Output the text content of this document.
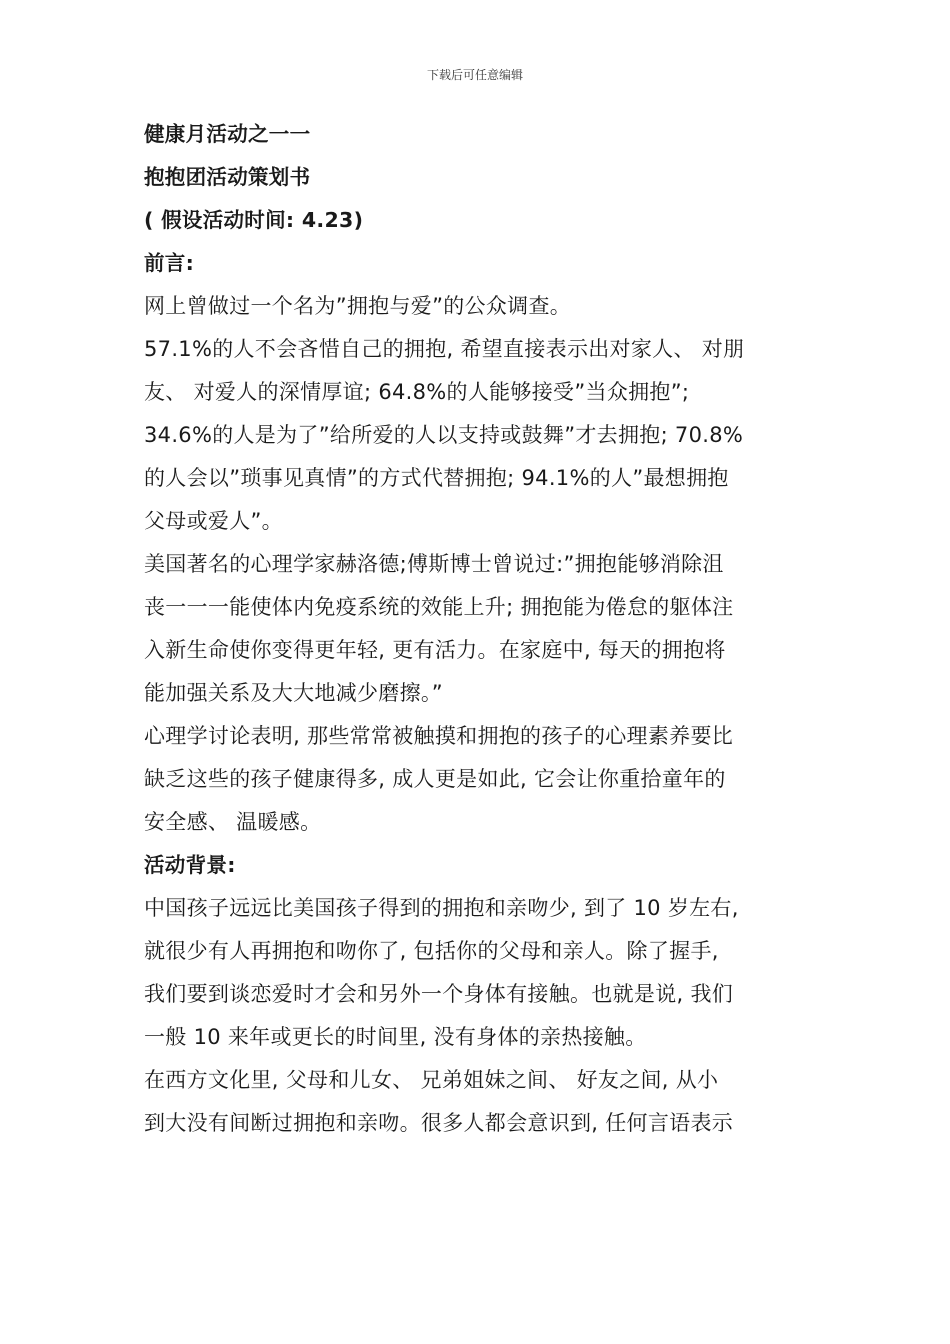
下载后可任意编辑
健康月活动之一一
抱抱团活动策划书
( 假设活动时间: 4.23)
前言:
网上曾做过一个名为”拥抱与爱”的公众调查。
57.1%的人不会吝惜自己的拥抱, 希望直接表示出对家人、 对朋
友、 对爱人的深情厚谊; 64.8%的人能够接受”当众拥抱”;
34.6%的人是为了”给所爱的人以支持或鼓舞”才去拥抱; 70.8%
的人会以”琐事见真情”的方式代替拥抱; 94.1%的人”最想拥抱
父母或爱人”。
美国著名的心理学家赫洛德;傅斯博士曾说过:”拥抱能够消除沮
丧一一一能使体内免疫系统的效能上升; 拥抱能为倦怠的躯体注
入新生命使你变得更年轻, 更有活力。在家庭中, 每天的拥抱将
能加强关系及大大地减少磨擦。”
心理学讨论表明, 那些常常被触摸和拥抱的孩子的心理素养要比
缺乏这些的孩子健康得多, 成人更是如此, 它会让你重拾童年的
安全感、 温暖感。
活动背景:
中国孩子远远比美国孩子得到的拥抱和亲吻少, 到了 10 岁左右,
就很少有人再拥抱和吻你了, 包括你的父母和亲人。除了握手,
我们要到谈恋爱时才会和另外一个身体有接触。也就是说, 我们
一般 10 来年或更长的时间里, 没有身体的亲热接触。
在西方文化里, 父母和儿女、 兄弟姐妹之间、 好友之间, 从小
到大没有间断过拥抱和亲吻。很多人都会意识到, 任何言语表示
